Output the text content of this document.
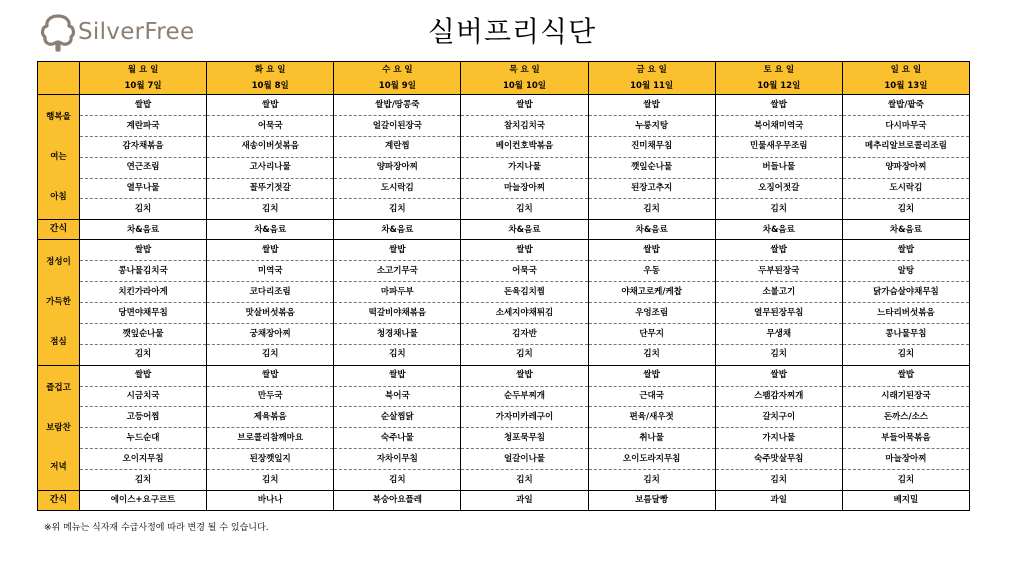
SilverFree	실버프리식단
	월 요 일	화 요 일	수 요 일	목 요 일	금 요 일	토 요 일	일 요 일
	10월 7일	10월 8일	10월 9일	10월 10일	10월 11일	10월 12일	10월 13일

행복을
여는
아침	쌀밥	쌀밥	쌀밥/땅콩죽	쌀밥	쌀밥	쌀밥	쌀밥/팥죽
	계란파국	어묵국	얼갈이된장국	참치김치국	누룽지탕	북어채미역국	다시마무국
	감자채볶음	새송이버섯볶음	계란찜	베이컨호박볶음	진미채무침	민물새우무조림	메추리알브로콜리조림
	연근조림	고사리나물	양파장아찌	가지나물	깻잎순나물	버들나물	양파장아찌
	열무나물	꼴뚜기젓갈	도시락김	마늘장아찌	된장고추지	오징어젓갈	도시락김
	김치	김치	김치	김치	김치	김치	김치
간식	차&음료	차&음료	차&음료	차&음료	차&음료	차&음료	차&음료

정성이
가득한
점심	쌀밥	쌀밥	쌀밥	쌀밥	쌀밥	쌀밥	쌀밥
	콩나물김치국	미역국	소고기무국	어묵국	우동	두부된장국	알탕
	치킨가라아게	코다리조림	마파두부	돈육김치찜	야채고로케/케찹	소불고기	닭가슴살야채무침
	당면야채무침	맛살버섯볶음	떡갈비야채볶음	소세지야채튀김	우엉조림	열무된장무침	느타리버섯볶음
	깻잎순나물	궁채장아찌	청경채나물	김자반	단무지	무생채	콩나물무침
	김치	김치	김치	김치	김치	김치	김치

즐겁고
보람찬
저녁	쌀밥	쌀밥	쌀밥	쌀밥	쌀밥	쌀밥	쌀밥
	시금치국	만두국	북어국	순두부찌개	근대국	스팸감자찌개	시래기된장국
	고등어찜	제육볶음	순살찜닭	가자미카레구이	편육/새우젓	갈치구이	돈까스/소스
	누드순대	브로콜리참깨마요	숙주나물	청포묵무침	취나물	가지나물	부들어묵볶음
	오이지무침	된장깻잎지	자차이무침	얼갈이나물	오이도라지무침	숙주맛살무침	마늘장아찌
	김치	김치	김치	김치	김치	김치	김치
간식	에이스+요구르트	바나나	복숭아요플레	과일	보름달빵	과일	베지밀
※위 메뉴는 식자재 수급사정에 따라 변경 될 수 있습니다.
